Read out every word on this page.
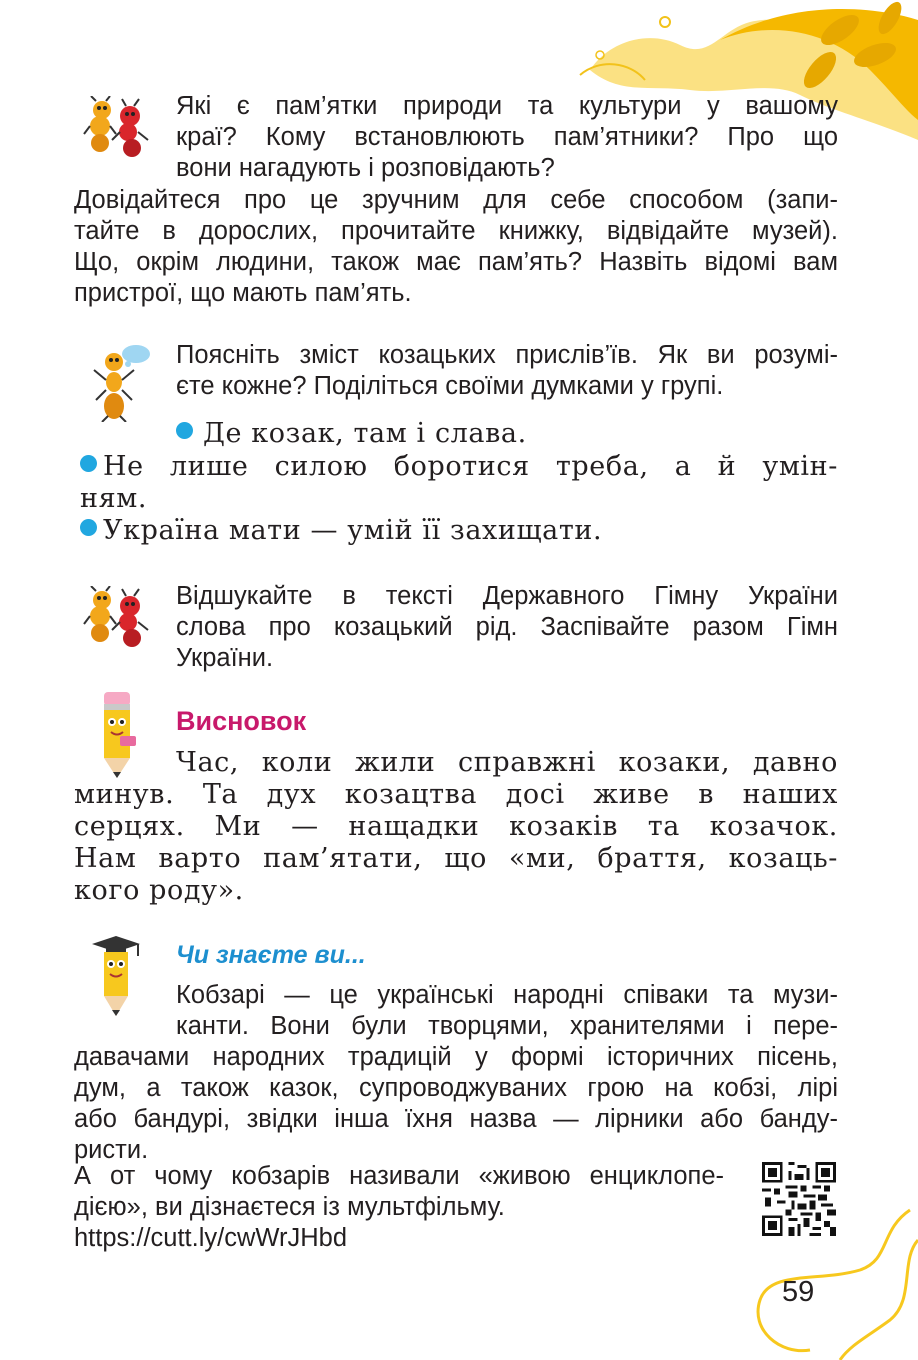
Які є пам’ятки природи та культури у вашому
краї? Кому встановлюють пам’ятники? Про що
вони нагадують і розповідають?
Довідайтеся про це зручним для себе способом (запи-
тайте в дорослих, прочитайте книжку, відвідайте музей).
Що, окрім людини, також має пам’ять? Назвіть відомі вам
пристрої, що мають пам’ять.
Поясніть зміст козацьких прислів’їв. Як ви розумі-
єте кожне? Поділіться своїми думками у групі.
Де козак, там і слава.
Не лише силою боротися треба, а й умін-
ням.
Україна мати — умій її захищати.
Відшукайте в тексті Державного Гімну України
слова про козацький рід. Заспівайте разом Гімн
України.
Висновок
Час, коли жили справжні козаки, давно
минув. Та дух козацтва досі живе в наших
серцях. Ми — нащадки козаків та козачок.
Нам варто пам’ятати, що «ми, браття, козаць-
кого роду».
Чи знаєте ви...
Кобзарі — це українські народні співаки та музи-
канти. Вони були творцями, хранителями і пере-
давачами народних традицій у формі історичних пісень,
дум, а також казок, супроводжуваних грою на кобзі, лірі
або бандурі, звідки інша їхня назва — лірники або банду-
ристи.
А от чому кобзарів називали «живою енциклопе-
дією», ви дізнаєтеся із мультфільму.
https://cutt.ly/cwWrJHbd
59
